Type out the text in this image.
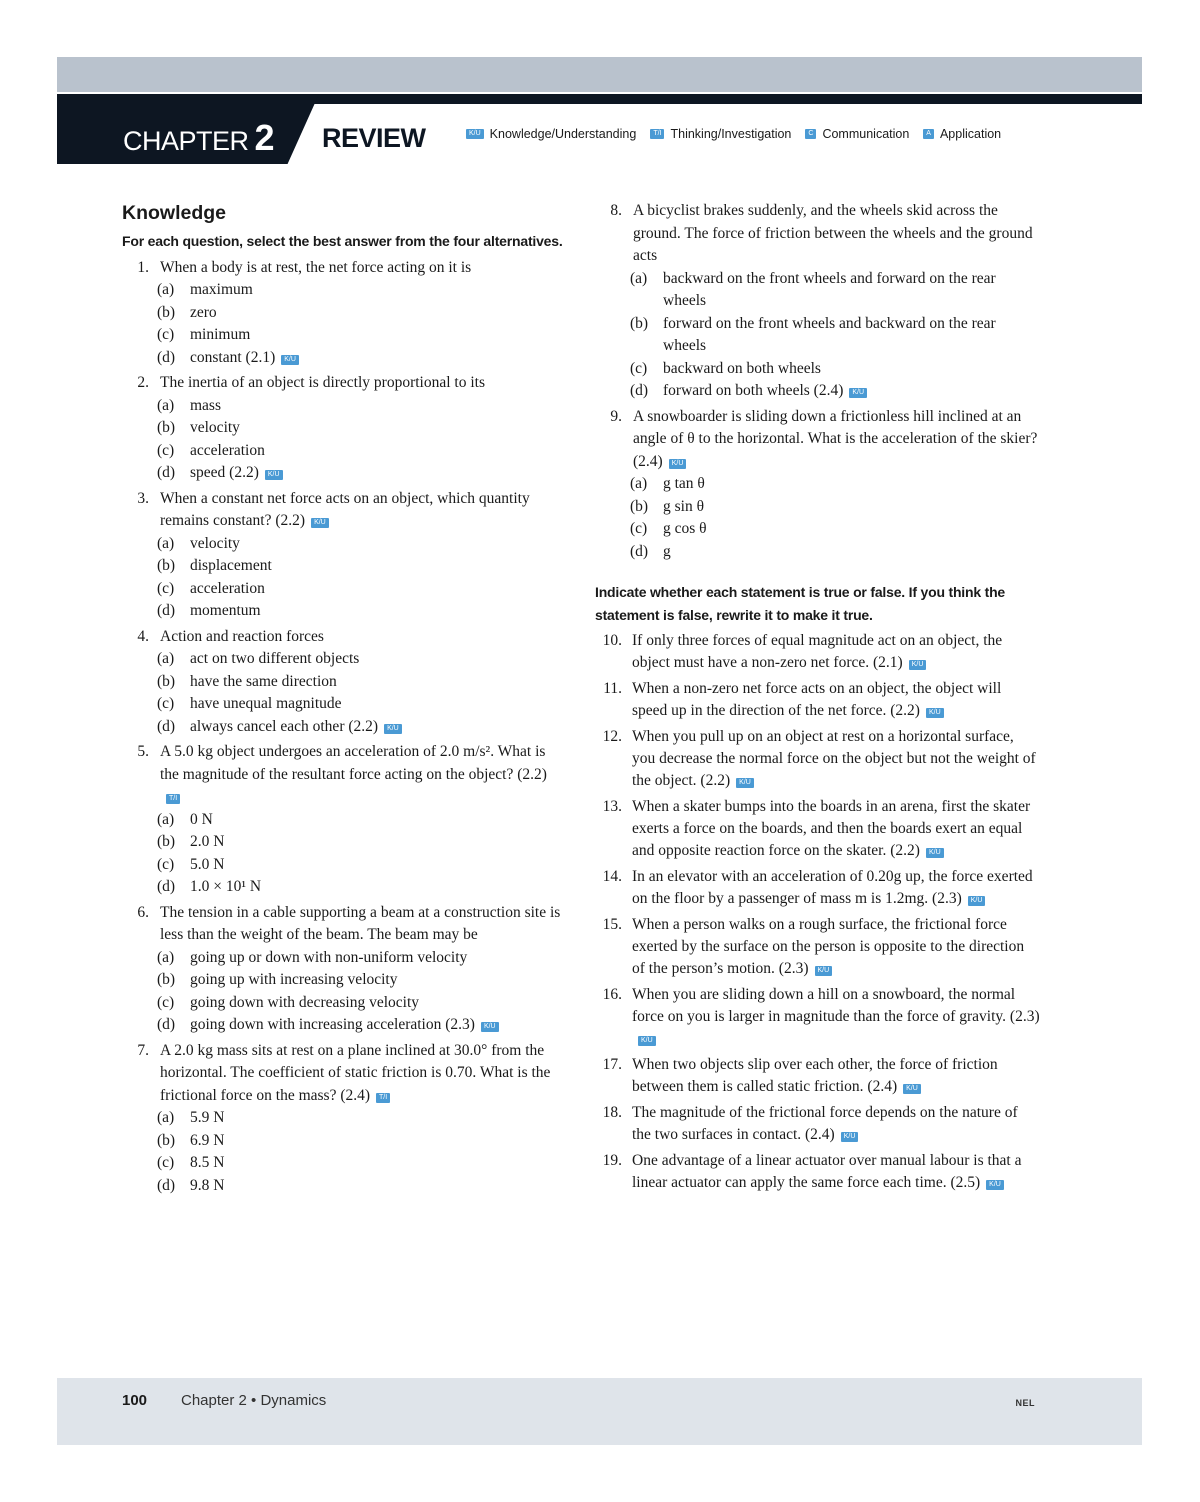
CHAPTER 2 REVIEW	K/U Knowledge/Understanding	T/I Thinking/Investigation	C Communication	A Application
Knowledge
For each question, select the best answer from the four alternatives.
1. When a body is at rest, the net force acting on it is
(a) maximum
(b) zero
(c) minimum
(d) constant (2.1) K/U
2. The inertia of an object is directly proportional to its
(a) mass
(b) velocity
(c) acceleration
(d) speed (2.2) K/U
3. When a constant net force acts on an object, which quantity remains constant? (2.2) K/U
(a) velocity
(b) displacement
(c) acceleration
(d) momentum
4. Action and reaction forces
(a) act on two different objects
(b) have the same direction
(c) have unequal magnitude
(d) always cancel each other (2.2) K/U
5. A 5.0 kg object undergoes an acceleration of 2.0 m/s². What is the magnitude of the resultant force acting on the object? (2.2)T/I
(a) 0 N
(b) 2.0 N
(c) 5.0 N
(d) 1.0 × 10¹ N
6. The tension in a cable supporting a beam at a construction site is less than the weight of the beam. The beam may be
(a) going up or down with non-uniform velocity
(b) going up with increasing velocity
(c) going down with decreasing velocity
(d) going down with increasing acceleration (2.3) K/U
7. A 2.0 kg mass sits at rest on a plane inclined at 30.0° from the horizontal. The coefficient of static friction is 0.70. What is the frictional force on the mass? (2.4) T/I
(a) 5.9 N
(b) 6.9 N
(c) 8.5 N
(d) 9.8 N
8. A bicyclist brakes suddenly, and the wheels skid across the ground. The force of friction between the wheels and the ground acts
(a) backward on the front wheels and forward on the rear wheels
(b) forward on the front wheels and backward on the rear wheels
(c) backward on both wheels
(d) forward on both wheels (2.4) K/U
9. A snowboarder is sliding down a frictionless hill inclined at an angle of θ to the horizontal. What is the acceleration of the skier? (2.4) K/U
(a) g tan θ
(b) g sin θ
(c) g cos θ
(d) g
Indicate whether each statement is true or false. If you think the statement is false, rewrite it to make it true.
10. If only three forces of equal magnitude act on an object, the object must have a non-zero net force. (2.1) K/U
11. When a non-zero net force acts on an object, the object will speed up in the direction of the net force. (2.2) K/U
12. When you pull up on an object at rest on a horizontal surface, you decrease the normal force on the object but not the weight of the object. (2.2) K/U
13. When a skater bumps into the boards in an arena, first the skater exerts a force on the boards, and then the boards exert an equal and opposite reaction force on the skater. (2.2) K/U
14. In an elevator with an acceleration of 0.20g up, the force exerted on the floor by a passenger of mass m is 1.2mg. (2.3) K/U
15. When a person walks on a rough surface, the frictional force exerted by the surface on the person is opposite to the direction of the person’s motion. (2.3) K/U
16. When you are sliding down a hill on a snowboard, the normal force on you is larger in magnitude than the force of gravity. (2.3)K/U
17. When two objects slip over each other, the force of friction between them is called static friction. (2.4) K/U
18. The magnitude of the frictional force depends on the nature of the two surfaces in contact. (2.4) K/U
19. One advantage of a linear actuator over manual labour is that a linear actuator can apply the same force each time. (2.5) K/U
100 Chapter 2 • Dynamics	NEL
